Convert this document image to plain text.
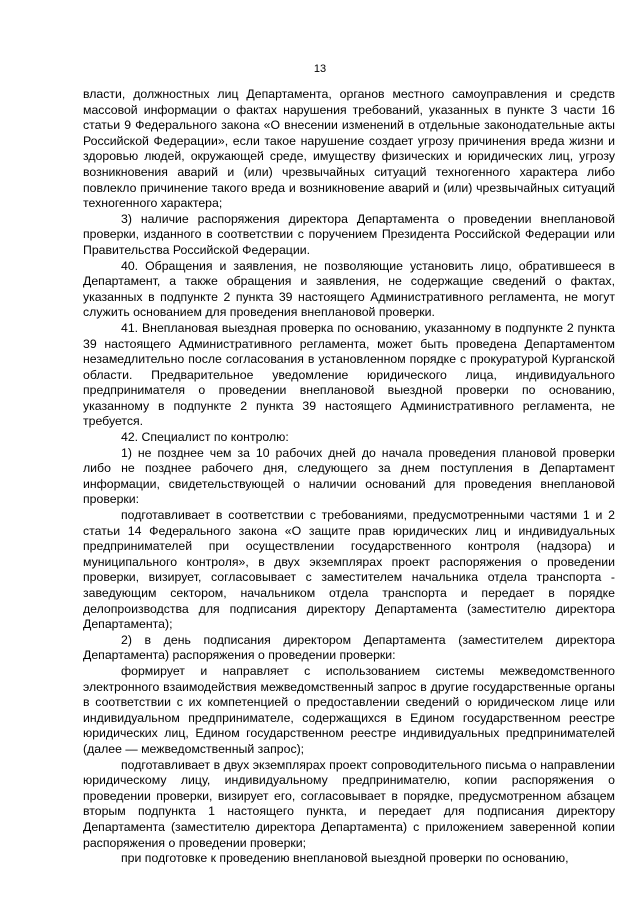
13

власти, должностных лиц Департамента, органов местного самоуправления и средств массовой информации о фактах нарушения требований, указанных в пункте 3 части 16 статьи 9 Федерального закона «О внесении изменений в отдельные законодательные акты Российской Федерации», если такое нарушение создает угрозу причинения вреда жизни и здоровью людей, окружающей среде, имуществу физических и юридических лиц, угрозу возникновения аварий и (или) чрезвычайных ситуаций техногенного характера либо повлекло причинение такого вреда и возникновение аварий и (или) чрезвычайных ситуаций техногенного характера;

3) наличие распоряжения директора Департамента о проведении внеплановой проверки, изданного в соответствии с поручением Президента Российской Федерации или Правительства Российской Федерации.

40. Обращения и заявления, не позволяющие установить лицо, обратившееся в Департамент, а также обращения и заявления, не содержащие сведений о фактах, указанных в подпункте 2 пункта 39 настоящего Административного регламента, не могут служить основанием для проведения внеплановой проверки.

41. Внеплановая выездная проверка по основанию, указанному в подпункте 2 пункта 39 настоящего Административного регламента, может быть проведена Департаментом незамедлительно после согласования в установленном порядке с прокуратурой Курганской области. Предварительное уведомление юридического лица, индивидуального предпринимателя о проведении внеплановой выездной проверки по основанию, указанному в подпункте 2 пункта 39 настоящего Административного регламента, не требуется.

42. Специалист по контролю:

1) не позднее чем за 10 рабочих дней до начала проведения плановой проверки либо не позднее рабочего дня, следующего за днем поступления в Департамент информации, свидетельствующей о наличии оснований для проведения внеплановой проверки:

подготавливает в соответствии с требованиями, предусмотренными частями 1 и 2 статьи 14 Федерального закона «О защите прав юридических лиц и индивидуальных предпринимателей при осуществлении государственного контроля (надзора) и муниципального контроля», в двух экземплярах проект распоряжения о проведении проверки, визирует, согласовывает с заместителем начальника отдела транспорта - заведующим сектором, начальником отдела транспорта и передает в порядке делопроизводства для подписания директору Департамента (заместителю директора Департамента);

2) в день подписания директором Департамента (заместителем директора Департамента) распоряжения о проведении проверки:

формирует и направляет с использованием системы межведомственного электронного взаимодействия межведомственный запрос в другие государственные органы в соответствии с их компетенцией о предоставлении сведений о юридическом лице или индивидуальном предпринимателе, содержащихся в Едином государственном реестре юридических лиц, Едином государственном реестре индивидуальных предпринимателей (далее — межведомственный запрос);

подготавливает в двух экземплярах проект сопроводительного письма о направлении юридическому лицу, индивидуальному предпринимателю, копии распоряжения о проведении проверки, визирует его, согласовывает в порядке, предусмотренном абзацем вторым подпункта 1 настоящего пункта, и передает для подписания директору Департамента (заместителю директора Департамента) с приложением заверенной копии распоряжения о проведении проверки;

при подготовке к проведению внеплановой выездной проверки по основанию,
